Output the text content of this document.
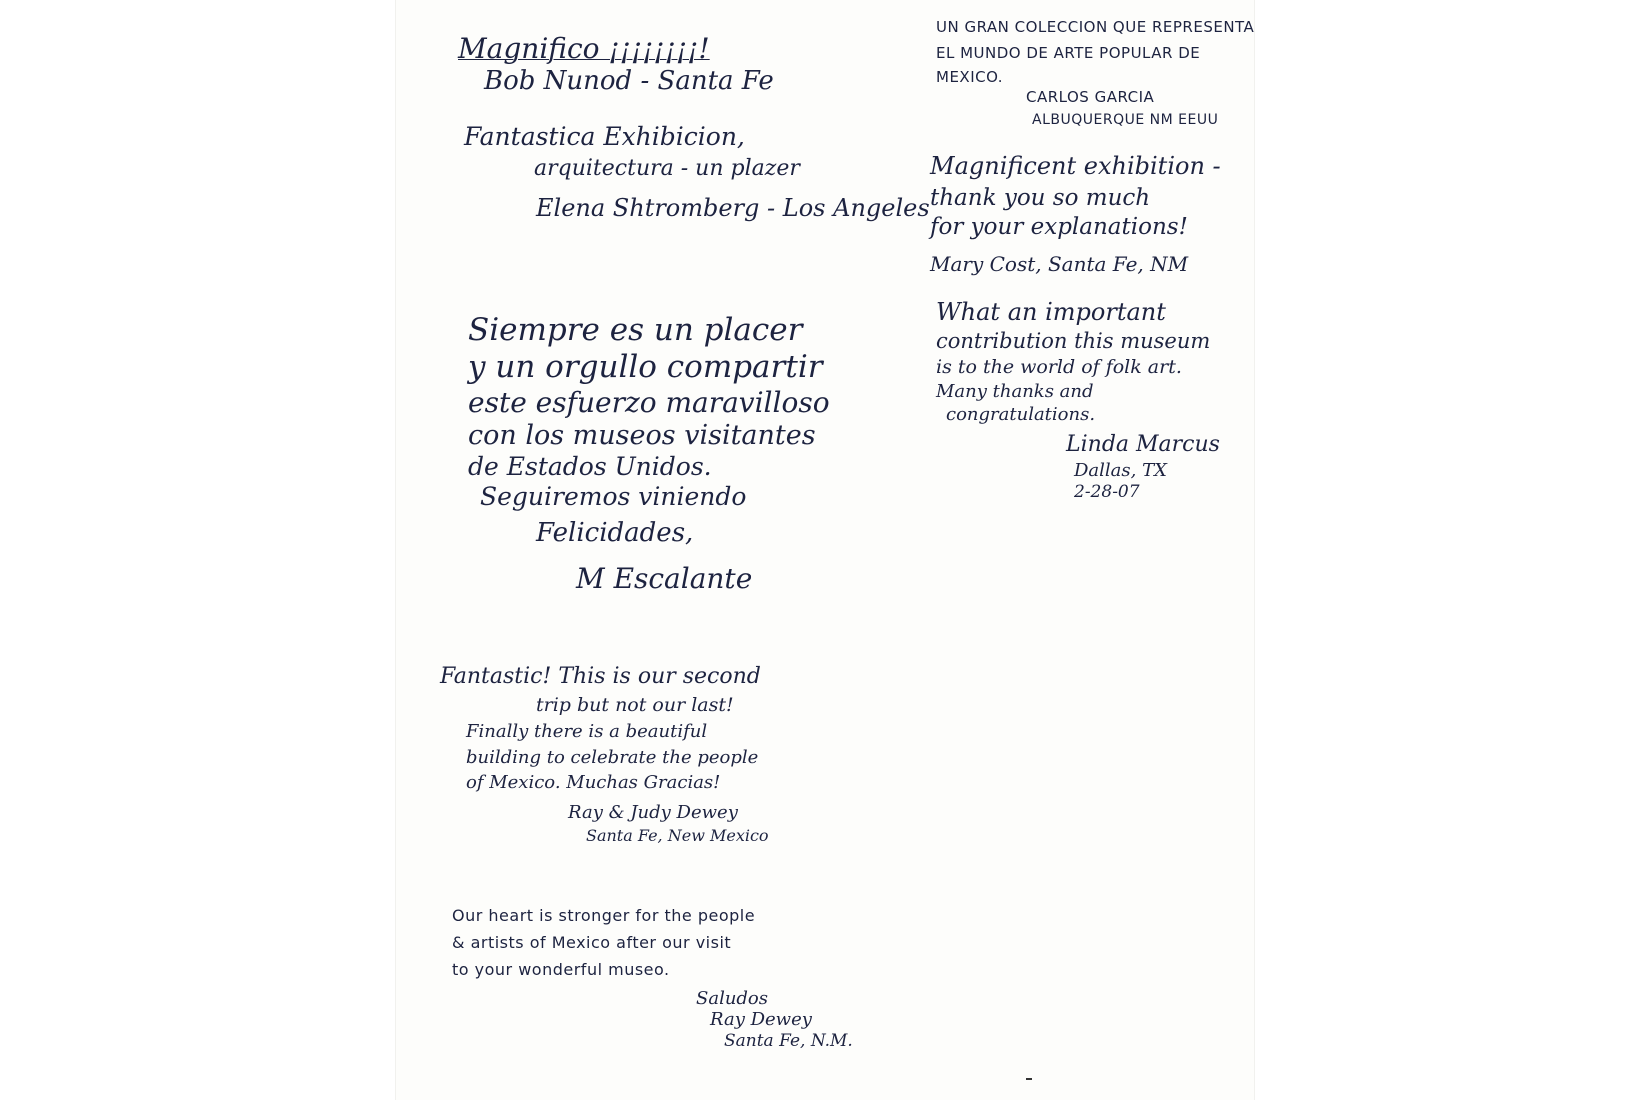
Magnifico ¡¡¡¡¡¡¡¡!
Bob Nunod - Santa Fe
Fantastica Exhibicion,
arquitectura - un plazer
Elena Shtromberg - Los Angeles
Siempre es un placer
y un orgullo compartir
este esfuerzo maravilloso
con los museos visitantes
de Estados Unidos.
Seguiremos viniendo
Felicidades,
M Escalante
Fantastic! This is our second
trip but not our last!
Finally there is a beautiful
building to celebrate the people
of Mexico. Muchas Gracias!
Ray & Judy Dewey
Santa Fe, New Mexico
Our heart is stronger for the people
& artists of Mexico after our visit
to your wonderful museo.
Saludos
Ray Dewey
Santa Fe, N.M.
UN GRAN COLECCION QUE REPRESENTA
EL MUNDO DE ARTE POPULAR DE
MEXICO.
CARLOS GARCIA
ALBUQUERQUE NM EEUU
Magnificent exhibition -
thank you so much
for your explanations!
Mary Cost, Santa Fe, NM
What an important
contribution this museum
is to the world of folk art.
Many thanks and
congratulations.
Linda Marcus
Dallas, TX
2-28-07
